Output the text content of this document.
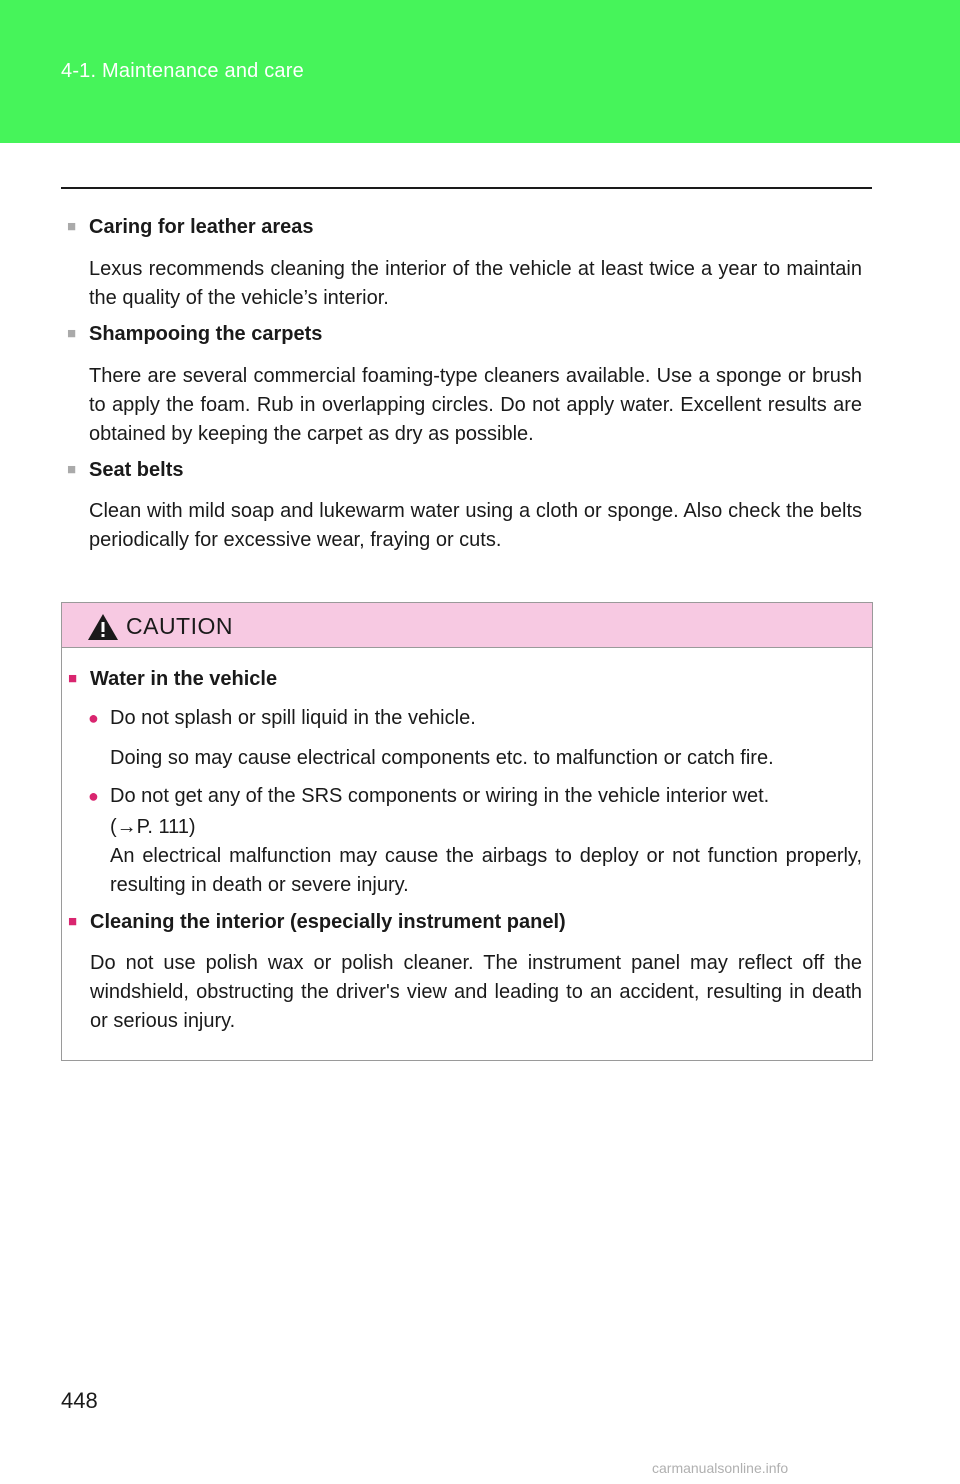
4-1. Maintenance and care
■ Caring for leather areas
Lexus recommends cleaning the interior of the vehicle at least twice a year to maintain the quality of the vehicle’s interior.
■ Shampooing the carpets
There are several commercial foaming-type cleaners available. Use a sponge or brush to apply the foam. Rub in overlapping circles. Do not apply water. Excellent results are obtained by keeping the carpet as dry as possible.
■ Seat belts
Clean with mild soap and lukewarm water using a cloth or sponge. Also check the belts periodically for excessive wear, fraying or cuts.
CAUTION
■ Water in the vehicle
● Do not splash or spill liquid in the vehicle.
Doing so may cause electrical components etc. to malfunction or catch fire.
● Do not get any of the SRS components or wiring in the vehicle interior wet.
(→P. 111)
An electrical malfunction may cause the airbags to deploy or not function properly, resulting in death or severe injury.
■ Cleaning the interior (especially instrument panel)
Do not use polish wax or polish cleaner. The instrument panel may reflect off the windshield, obstructing the driver's view and leading to an accident, resulting in death or serious injury.
448
carmanualsonline.info
